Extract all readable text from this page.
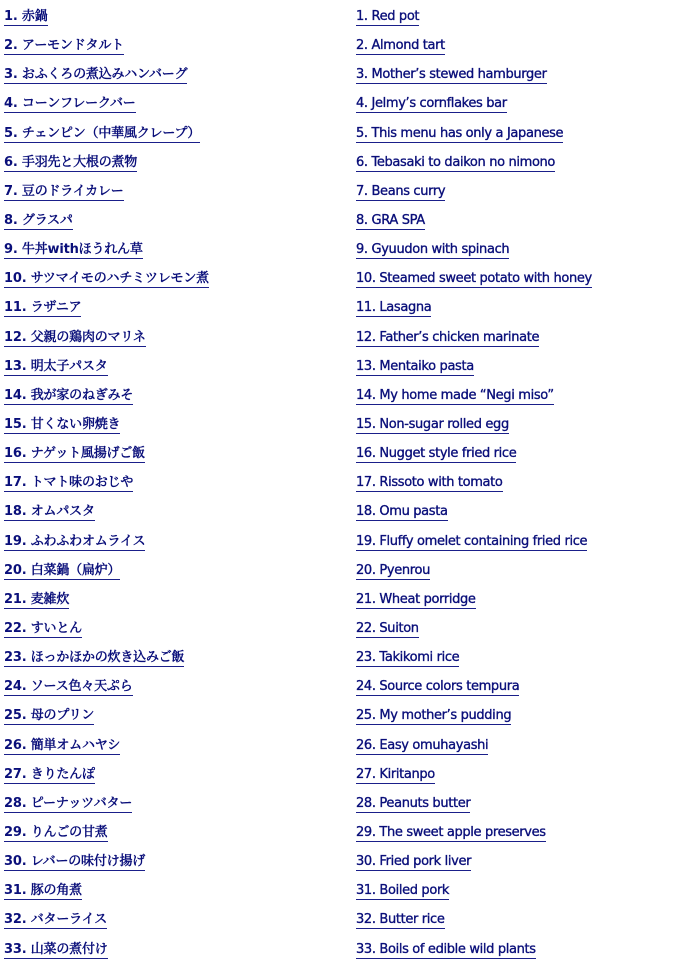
1. 赤鍋	1. Red pot
2. アーモンドタルト	2. Almond tart
3. おふくろの煮込みハンバーグ	3. Mother’s stewed hamburger
4. コーンフレークバー	4. Jelmy’s cornflakes bar
5. チェンピン（中華風クレープ）	5. This menu has only a Japanese
6. 手羽先と大根の煮物	6. Tebasaki to daikon no nimono
7. 豆のドライカレー	7. Beans curry
8. グラスパ	8. GRA SPA
9. 牛丼withほうれん草	9. Gyuudon with spinach
10. サツマイモのハチミツレモン煮	10. Steamed sweet potato with honey
11. ラザニア	11. Lasagna
12. 父親の鶏肉のマリネ	12. Father’s chicken marinate
13. 明太子パスタ	13. Mentaiko pasta
14. 我が家のねぎみそ	14. My home made “Negi miso”
15. 甘くない卵焼き	15. Non-sugar rolled egg
16. ナゲット風揚げご飯	16. Nugget style fried rice
17. トマト味のおじや	17. Rissoto with tomato
18. オムパスタ	18. Omu pasta
19. ふわふわオムライス	19. Fluffy omelet containing fried rice
20. 白菜鍋（扁炉）	20. Pyenrou
21. 麦雑炊	21. Wheat porridge
22. すいとん	22. Suiton
23. ほっかほかの炊き込みご飯	23. Takikomi rice
24. ソース色々天ぷら	24. Source colors tempura
25. 母のプリン	25. My mother’s pudding
26. 簡単オムハヤシ	26. Easy omuhayashi
27. きりたんぽ	27. Kiritanpo
28. ピーナッツバター	28. Peanuts butter
29. りんごの甘煮	29. The sweet apple preserves
30. レバーの味付け揚げ	30. Fried pork liver
31. 豚の角煮	31. Boiled pork
32. バターライス	32. Butter rice
33. 山菜の煮付け	33. Boils of edible wild plants
